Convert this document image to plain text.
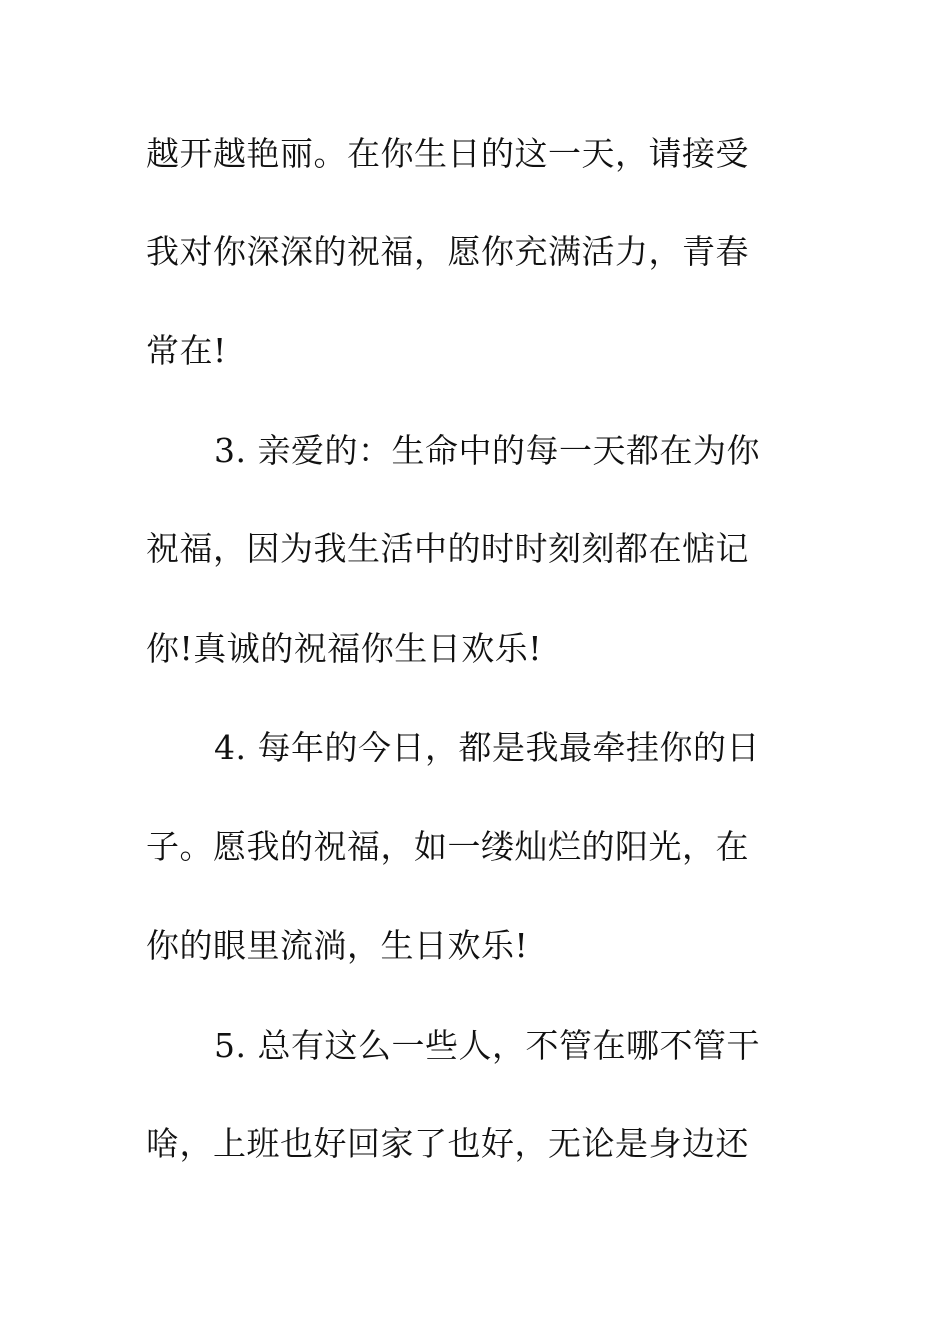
越开越艳丽。在你生日的这一天，请接受
我对你深深的祝福，愿你充满活力，青春
常在!
3. 亲爱的：生命中的每一天都在为你
祝福，因为我生活中的时时刻刻都在惦记
你!真诚的祝福你生日欢乐!
4. 每年的今日，都是我最牵挂你的日
子。愿我的祝福，如一缕灿烂的阳光，在
你的眼里流淌，生日欢乐!
5. 总有这么一些人，不管在哪不管干
啥，上班也好回家了也好，无论是身边还
